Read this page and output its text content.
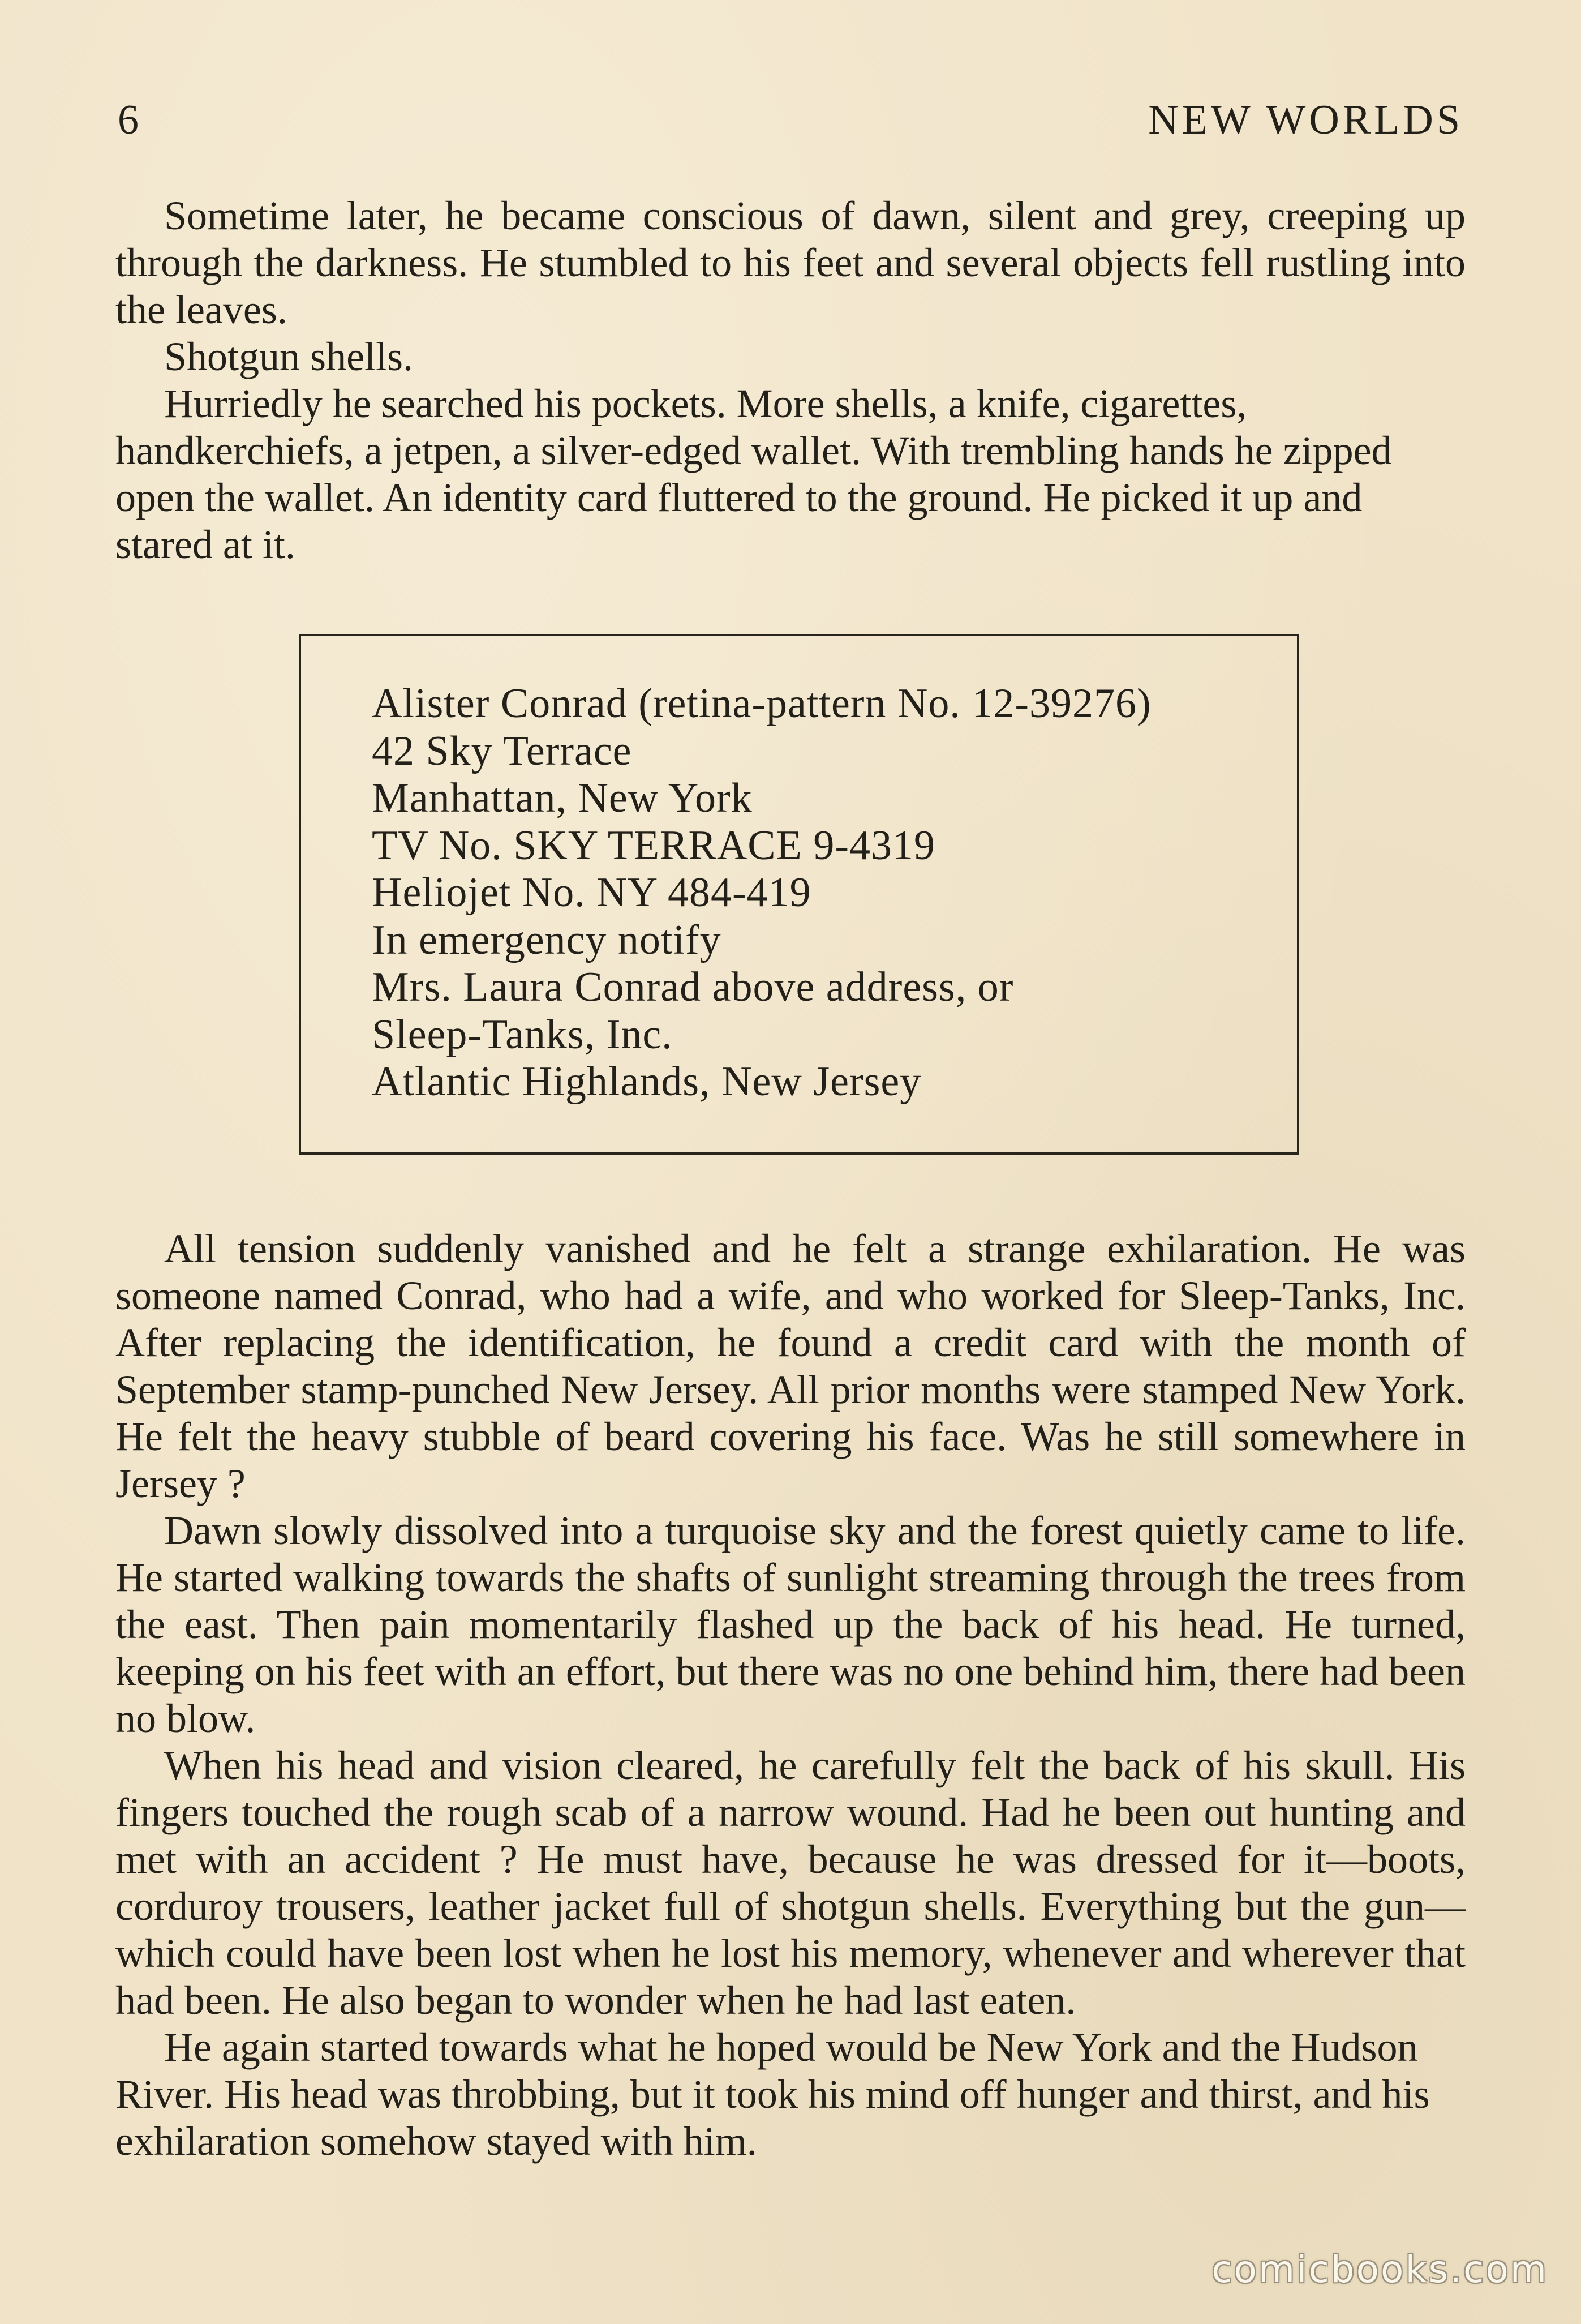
6	NEW WORLDS

Sometime later, he became conscious of dawn, silent and grey, creeping up through the darkness. He stumbled to his feet and several objects fell rustling into the leaves.

Shotgun shells.

Hurriedly he searched his pockets. More shells, a knife, cigarettes, handkerchiefs, a jetpen, a silver-edged wallet. With trembling hands he zipped open the wallet. An identity card fluttered to the ground. He picked it up and stared at it.

Alister Conrad (retina-pattern No. 12-39276)
42 Sky Terrace
Manhattan, New York
TV No. SKY TERRACE 9-4319
Heliojet No. NY 484-419
In emergency notify
Mrs. Laura Conrad above address, or
Sleep-Tanks, Inc.
Atlantic Highlands, New Jersey

All tension suddenly vanished and he felt a strange exhilaration. He was someone named Conrad, who had a wife, and who worked for Sleep-Tanks, Inc. After replacing the identification, he found a credit card with the month of September stamp-punched New Jersey. All prior months were stamped New York. He felt the heavy stubble of beard covering his face. Was he still somewhere in Jersey ?

Dawn slowly dissolved into a turquoise sky and the forest quietly came to life. He started walking towards the shafts of sunlight streaming through the trees from the east. Then pain momentarily flashed up the back of his head. He turned, keeping on his feet with an effort, but there was no one behind him, there had been no blow.

When his head and vision cleared, he carefully felt the back of his skull. His fingers touched the rough scab of a narrow wound. Had he been out hunting and met with an accident ? He must have, because he was dressed for it—boots, corduroy trousers, leather jacket full of shotgun shells. Everything but the gun—which could have been lost when he lost his memory, whenever and wherever that had been. He also began to wonder when he had last eaten.

He again started towards what he hoped would be New York and the Hudson River. His head was throbbing, but it took his mind off hunger and thirst, and his exhilaration somehow stayed with him.

comicbooks.com
